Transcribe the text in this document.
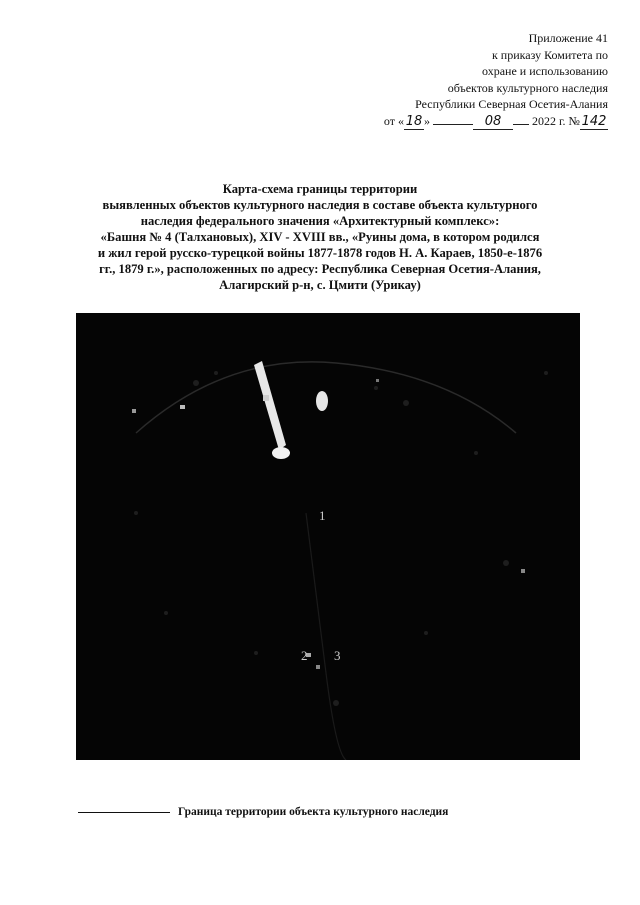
Приложение 41
к приказу Комитета по
охране и использованию
объектов культурного наследия
Республики Северная Осетия-Алания
от « 18 »	08	2022 г. № 142
Карта-схема границы территории
выявленных объектов культурного наследия в составе объекта культурного
наследия федерального значения «Архитектурный комплекс»:
«Башня № 4 (Талхановых), XIV - XVIII вв., «Руины дома, в котором родился
и жил герой русско-турецкой войны 1877-1878 годов Н. А. Караев, 1850-е-1876
гг., 1879 г.», расположенных по адресу: Республика Северная Осетия-Алания,
Алагирский р-н, с. Цмити (Урикау)
1
2 3
Граница территории объекта культурного наследия
